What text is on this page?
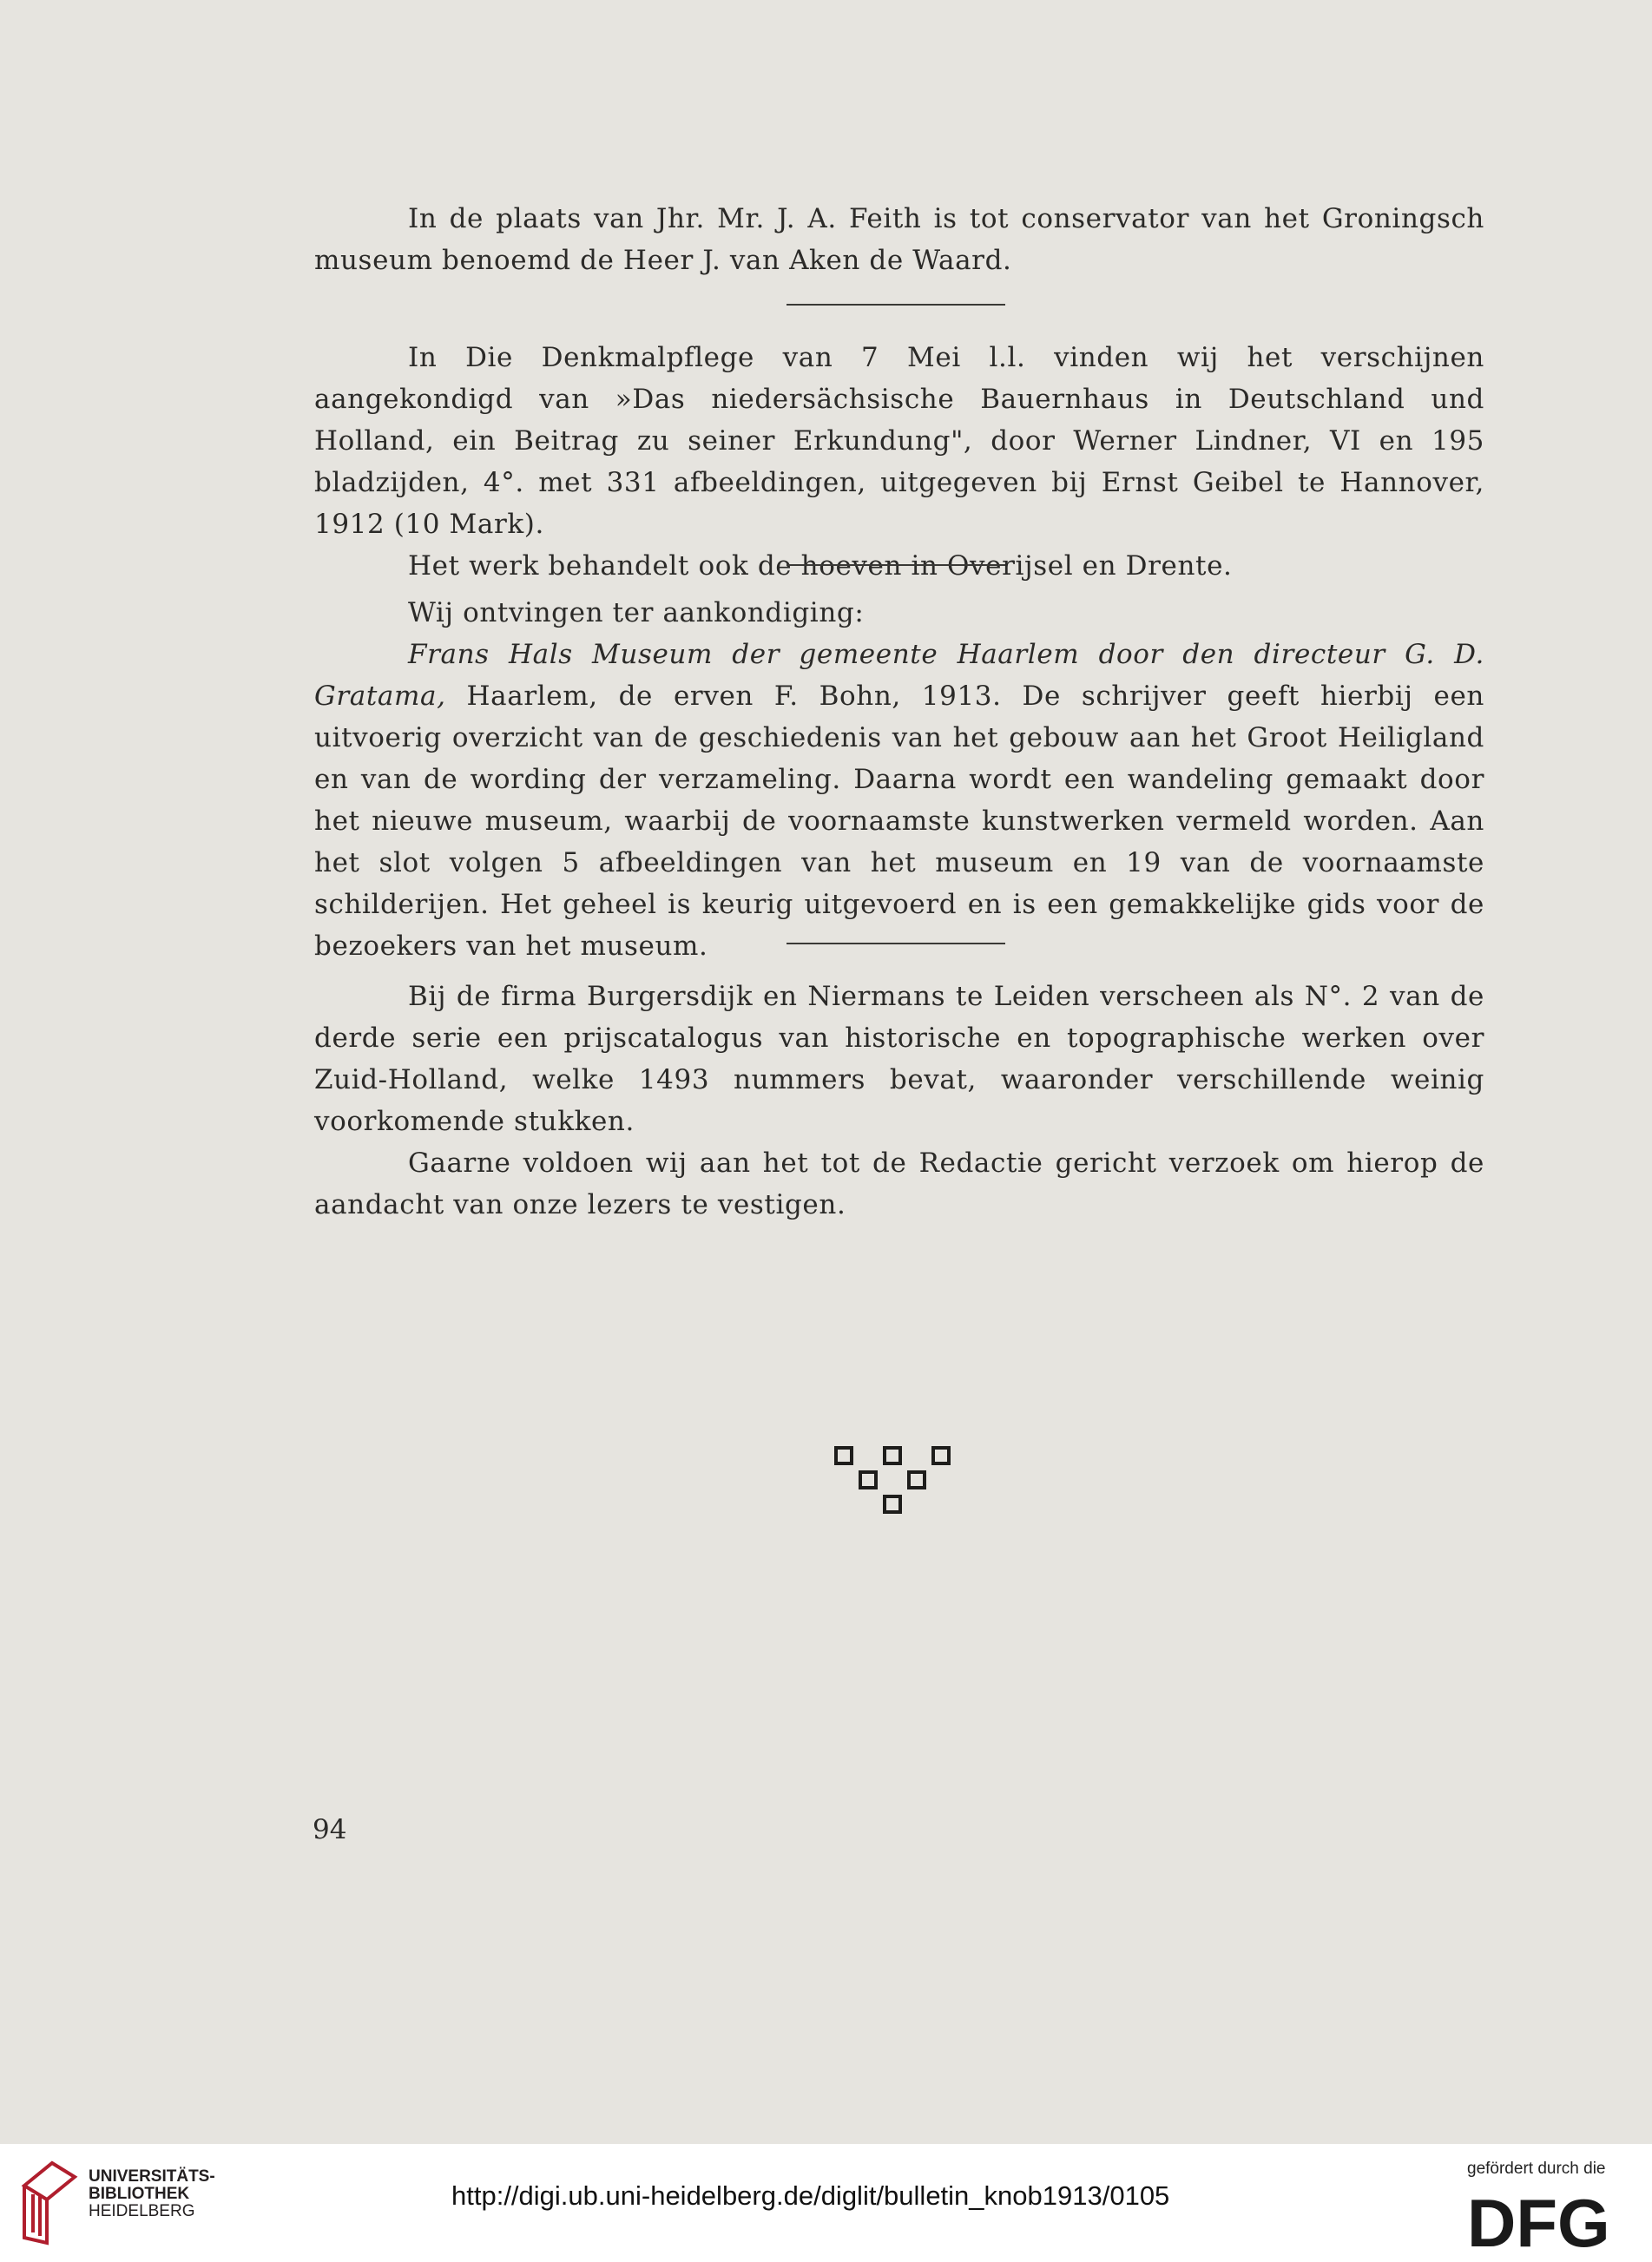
In de plaats van Jhr. Mr. J. A. Feith is tot conservator van het Groningsch museum benoemd de Heer J. van Aken de Waard.

In Die Denkmalpflege van 7 Mei l.l. vinden wij het verschijnen aangekondigd van »Das niedersächsische Bauernhaus in Deutschland und Holland, ein Beitrag zu seiner Erkundung", door Werner Lindner, VI en 195 bladzijden, 4°. met 331 afbeeldingen, uitgegeven bij Ernst Geibel te Hannover, 1912 (10 Mark).

Het werk behandelt ook de hoeven in Overijsel en Drente.

Wij ontvingen ter aankondiging:

Frans Hals Museum der gemeente Haarlem door den directeur G. D. Gratama, Haarlem, de erven F. Bohn, 1913. De schrijver geeft hierbij een uitvoerig overzicht van de geschiedenis van het gebouw aan het Groot Heiligland en van de wording der verzameling. Daarna wordt een wandeling gemaakt door het nieuwe museum, waarbij de voornaamste kunstwerken vermeld worden. Aan het slot volgen 5 afbeeldingen van het museum en 19 van de voornaamste schilderijen. Het geheel is keurig uitgevoerd en is een gemakkelijke gids voor de bezoekers van het museum.

Bij de firma Burgersdijk en Niermans te Leiden verscheen als N°. 2 van de derde serie een prijscatalogus van historische en topographische werken over Zuid-Holland, welke 1493 nummers bevat, waaronder verschillende weinig voorkomende stukken.

Gaarne voldoen wij aan het tot de Redactie gericht verzoek om hierop de aandacht van onze lezers te vestigen.

94
UNIVERSITÄTS-
BIBLIOTHEK
HEIDELBERG
http://digi.ub.uni-heidelberg.de/diglit/bulletin_knob1913/0105
gefördert durch die
DFG
